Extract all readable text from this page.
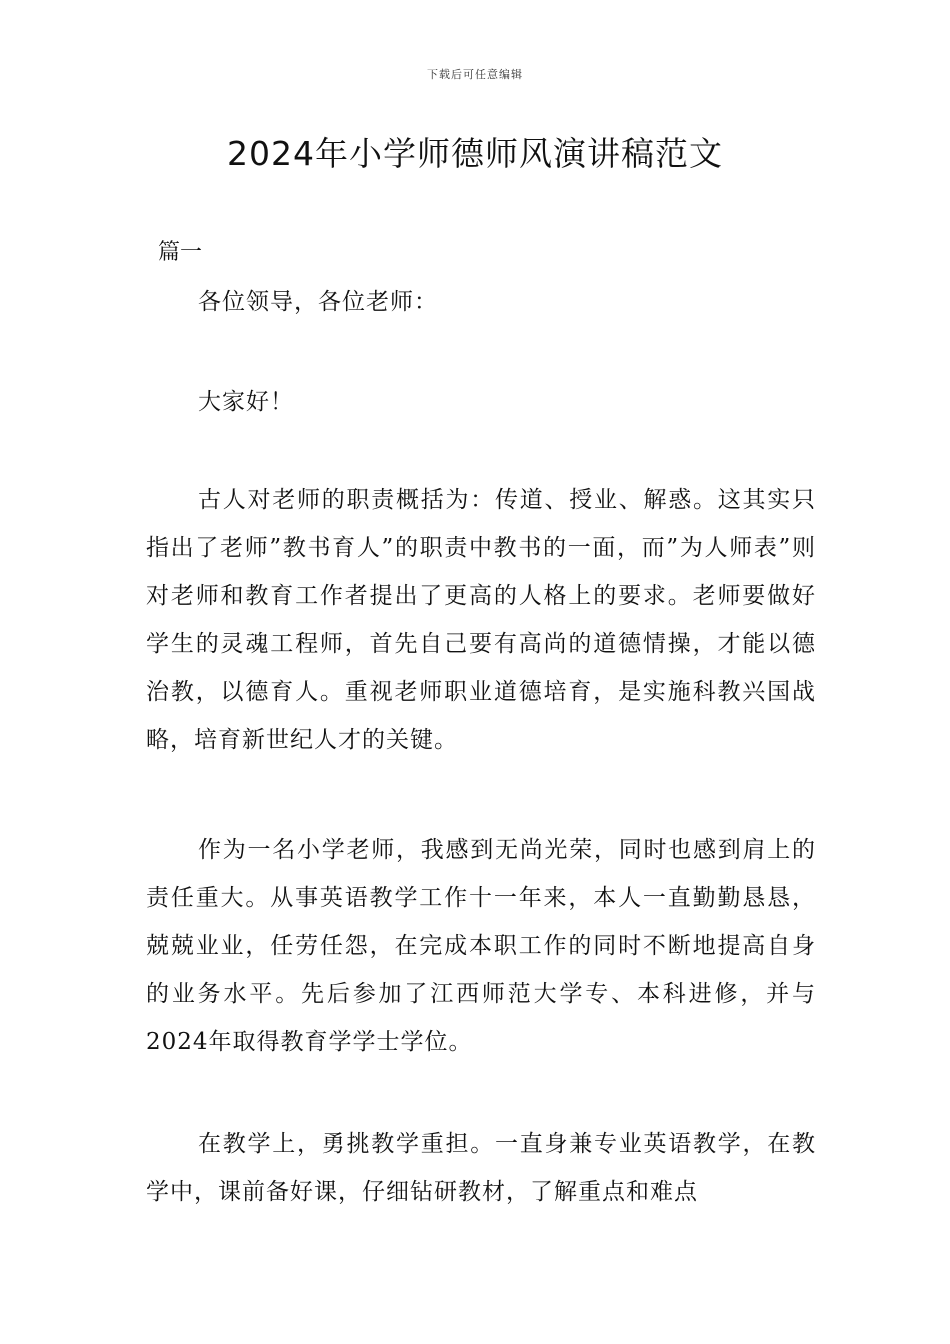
下载后可任意编辑
2024年小学师德师风演讲稿范文
篇一
各位领导，各位老师：
大家好！
古人对老师的职责概括为：传道、授业、解惑。这其实只指出了老师”教书育人”的职责中教书的一面，而”为人师表”则对老师和教育工作者提出了更高的人格上的要求。老师要做好学生的灵魂工程师，首先自己要有高尚的道德情操，才能以德治教，以德育人。重视老师职业道德培育，是实施科教兴国战略，培育新世纪人才的关键。
作为一名小学老师，我感到无尚光荣，同时也感到肩上的责任重大。从事英语教学工作十一年来，本人一直勤勤恳恳，兢兢业业，任劳任怨，在完成本职工作的同时不断地提高自身的业务水平。先后参加了江西师范大学专、本科进修，并与2024年取得教育学学士学位。
在教学上，勇挑教学重担。一直身兼专业英语教学，在教学中，课前备好课，仔细钻研教材，了解重点和难点
